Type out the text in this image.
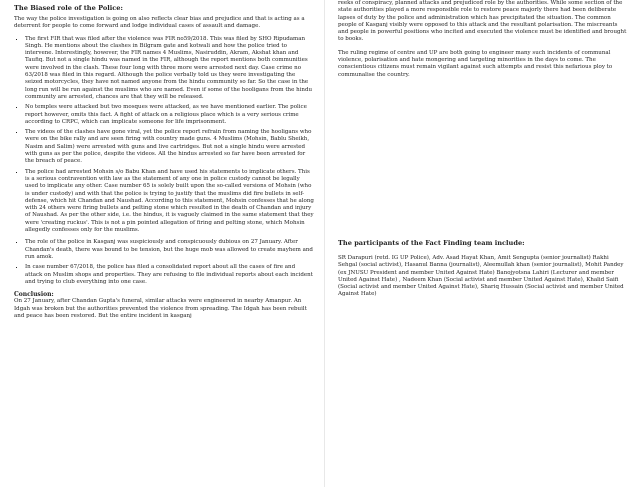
The Biased role of the Police:

The way the police investigation is going on also reflects clear bias and prejudice and that is acting as a deterrent for people to come forward and lodge individual cases of assault and damage.

▪ The first FIR that was filed after the violence was FIR no59/2018. This was filed by SHO Ripudaman Singh. He mentions about the clashes in Bilgram gate and kotwali and how the police tried to intervene. Interestingly, however, the FIR names 4 Muslims, Nasiruddin, Akram, Akshat khan and Taufiq. But not a single hindu was named in the FIR, although the report mentions both communities were involved in the clash. These four long with three more were arrested next day. Case crime no 63/2018 was filed in this regard. Although the police verbally told us they were investigating the seized motorcycles, they have not named anyone from the hindu community so far. So the case in the long run will be run against the muslims who are named. Even if some of the hooligans from the hindu community are arrested, chances are that they will be released.
▪ No temples were attacked but two mosques were attacked, as we have mentioned earlier. The police report however, omits this fact. A fight of attack on a religious place which is a very serious crime according to CRPC, which can implicate someone for life imprisonment.
▪ The videos of the clashes have gone viral, yet the police report refrain from naming the hooligans who were on the bike rally and are seen firing with country made guns. 4 Muslims (Mohsin, Bablu Sheikh, Nasim and Salim) were arrested with guns and live cartridges. But not a single hindu were arrested with guns as per the police, despite the videos. All the hindus arrested so far have been arrested for the breach of peace.
▪ The police had arrested Mohsin s/o Babu Khan and have used his statements to implicate others. This is a serious contravention with law as the statement of any one in police custody cannot be legally used to implicate any other. Case number 65 is solely built upon the so-called versions of Mohsin (who is under custody) and with that the police is trying to justify that the muslims did fire bullets in self-defense, which hit Chandan and Naushad. According to this statement, Mohsin confesses that he along with 24 others were firing bullets and pelting stone which resulted in the death of Chandan and injury of Naushad. As per the other side, i.e. the hindus, it is vaguely claimed in the same statement that they were 'creating ruckus'. This is not a pin pointed allegation of firing and pelting stone, which Mohsin allegedly confesses only for the muslims.
▪ The role of the police in Kasganj was suspiciously and conspicuously dubious on 27 January. After Chandan's death, there was bound to be tension, but the huge mob was allowed to create mayhem and run amok.
▪ In case number 67/2018, the police has filed a consolidated report about all the cases of fire and attack on Muslim shops and properties. They are refusing to file individual reports about each incident and trying to club everything into one case.

Conclusion:

On 27 January, after Chandan Gupta's funeral, similar attacks were engineered in nearby Amanpur. An Idgah was broken but the authorities prevented the violence from spreading. The Idgah has been rebuilt and peace has been restored. But the entire incident in kasganj

reeks of conspiracy, planned attacks and prejudiced role by the authorities. While some section of the state authorities played a more responsible role to restore peace majorly there had been deliberate lapses of duty by the police and administration which has precipitated the situation. The common people of Kasganj visibly were opposed to this attack and the resultant polarisation. The miscreants and people in powerful positions who incited and executed the violence must be identified and brought to books.

The ruling regime of centre and UP are both going to engineer many such incidents of communal violence, polarisation and hate mongering and targeting minorities in the days to come. The conscientious citizens must remain vigilant against such attempts and resist this nefarious ploy to communalise the country.

The participants of the Fact Finding team include:

SR Darapuri (retd. IG UP Police), Adv. Asad Hayat Khan, Amit Sengupta (senior journalist) Rakhi Sehgal (social activist), Hasanul Banna (journalist), Aleemullah khan (senior journalist), Mohit Pandey (ex JNUSU President and member United Against Hate) Banojyotsna Lahiri (Lecturer and member United Against Hate) , Nadeem Khan (Social activist and member United Against Hate), Khalid Saifi (Social activist and member United Against Hate), Shariq Hussain (Social activist and member United Against Hate)
